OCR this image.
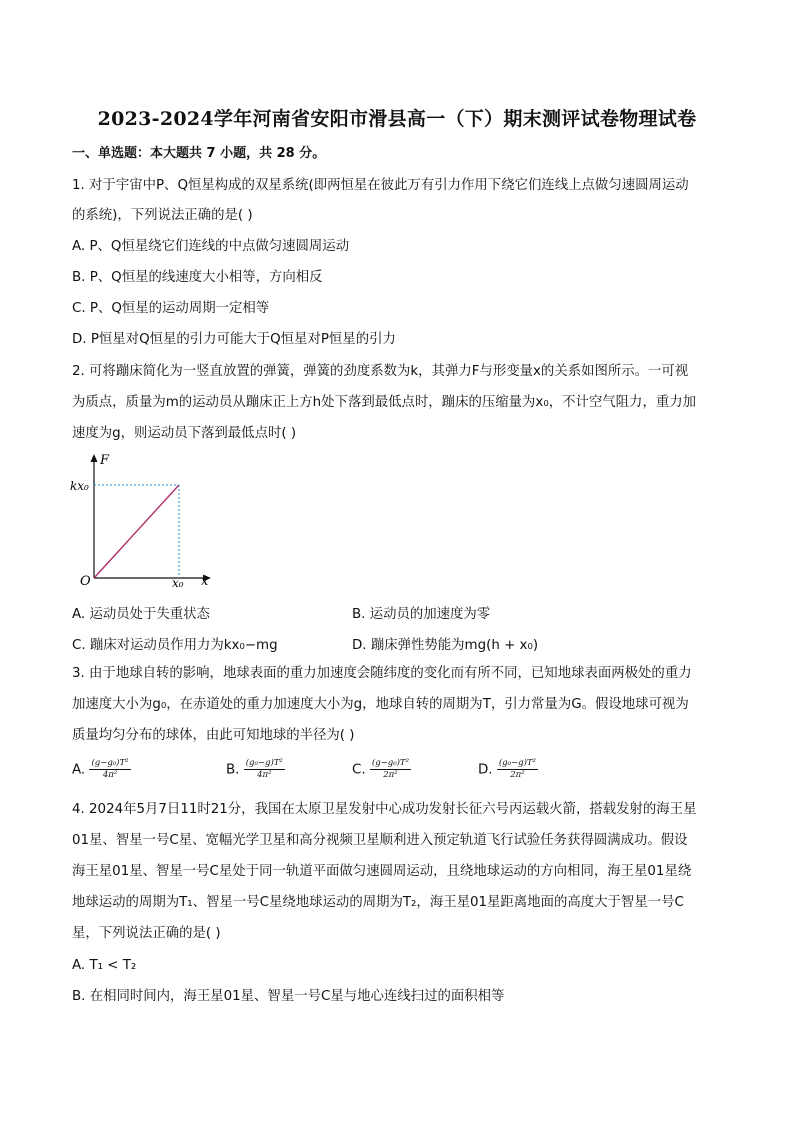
2023-2024学年河南省安阳市滑县高一（下）期末测评试卷物理试卷
一、单选题：本大题共 7 小题，共 28 分。
1. 对于宇宙中P、Q恒星构成的双星系统(即两恒星在彼此万有引力作用下绕它们连线上点做匀速圆周运动
的系统)，下列说法正确的是( )
A. P、Q恒星绕它们连线的中点做匀速圆周运动
B. P、Q恒星的线速度大小相等，方向相反
C. P、Q恒星的运动周期一定相等
D. P恒星对Q恒星的引力可能大于Q恒星对P恒星的引力
2. 可将蹦床简化为一竖直放置的弹簧，弹簧的劲度系数为k，其弹力F与形变量x的关系如图所示。一可视
为质点，质量为m的运动员从蹦床正上方h处下落到最低点时，蹦床的压缩量为x₀，不计空气阻力，重力加
速度为g，则运动员下落到最低点时( )
F
x
O
kx₀
x₀
A. 运动员处于失重状态	B. 运动员的加速度为零
C. 蹦床对运动员作用力为kx₀−mg	D. 蹦床弹性势能为mg(h + x₀)
3. 由于地球自转的影响，地球表面的重力加速度会随纬度的变化而有所不同，已知地球表面两极处的重力
加速度大小为g₀，在赤道处的重力加速度大小为g，地球自转的周期为T，引力常量为G。假设地球可视为
质量均匀分布的球体，由此可知地球的半径为( )
A. $\frac{\text{(g−g₀)T²}}{\text{4π²}}$	B. $\frac{\text{(g₀−g)T²}}{\text{4π²}}$	C. $\frac{\text{(g−g₀)T²}}{\text{2π²}}$	D. $\frac{\text{(g₀−g)T²}}{\text{2π²}}$
4. 2024年5月7日11时21分，我国在太原卫星发射中心成功发射长征六号丙运载火箭，搭载发射的海王星
01星、智星一号C星、宽幅光学卫星和高分视频卫星顺利进入预定轨道飞行试验任务获得圆满成功。假设
海王星01星、智星一号C星处于同一轨道平面做匀速圆周运动，且绕地球运动的方向相同，海王星01星绕
地球运动的周期为T₁、智星一号C星绕地球运动的周期为T₂，海王星01星距离地面的高度大于智星一号C
星，下列说法正确的是( )
A. T₁ < T₂
B. 在相同时间内，海王星01星、智星一号C星与地心连线扫过的面积相等
